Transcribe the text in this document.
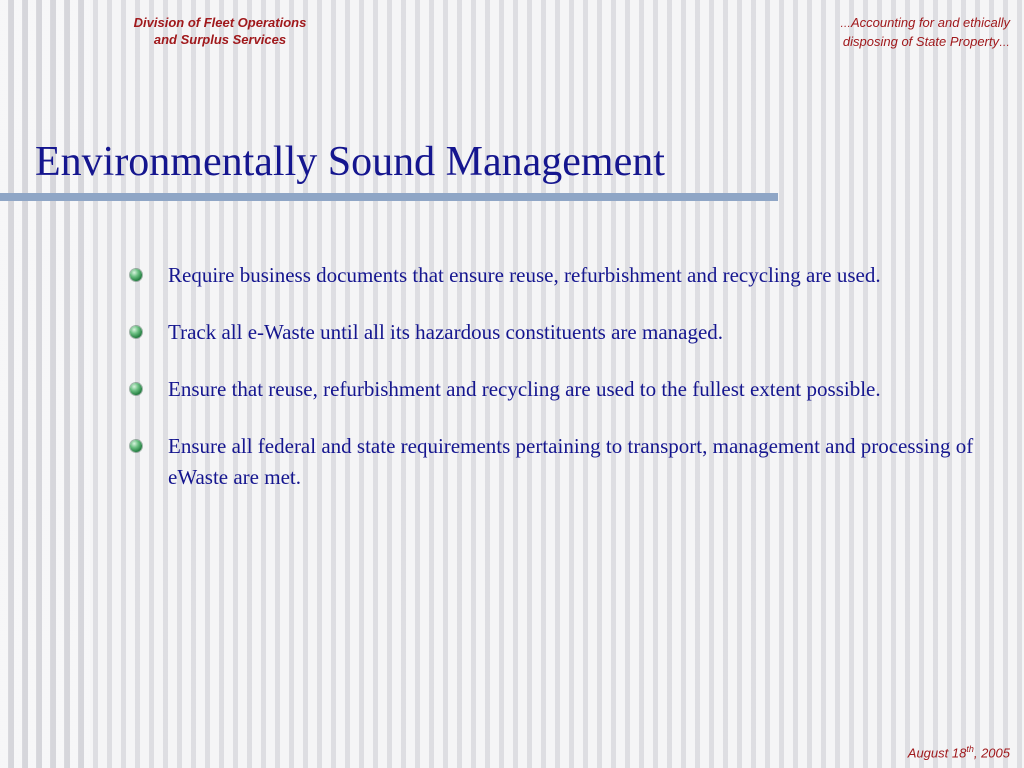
Division of Fleet Operations
and Surplus Services
…Accounting for and ethically
disposing of State Property…
Environmentally Sound Management
Require business documents that ensure reuse, refurbishment and recycling are used.
Track all e-Waste until all its hazardous constituents are managed.
Ensure that reuse, refurbishment and recycling are used to the fullest extent possible.
Ensure all federal and state requirements pertaining to transport, management and processing of eWaste are met.
August 18th, 2005
